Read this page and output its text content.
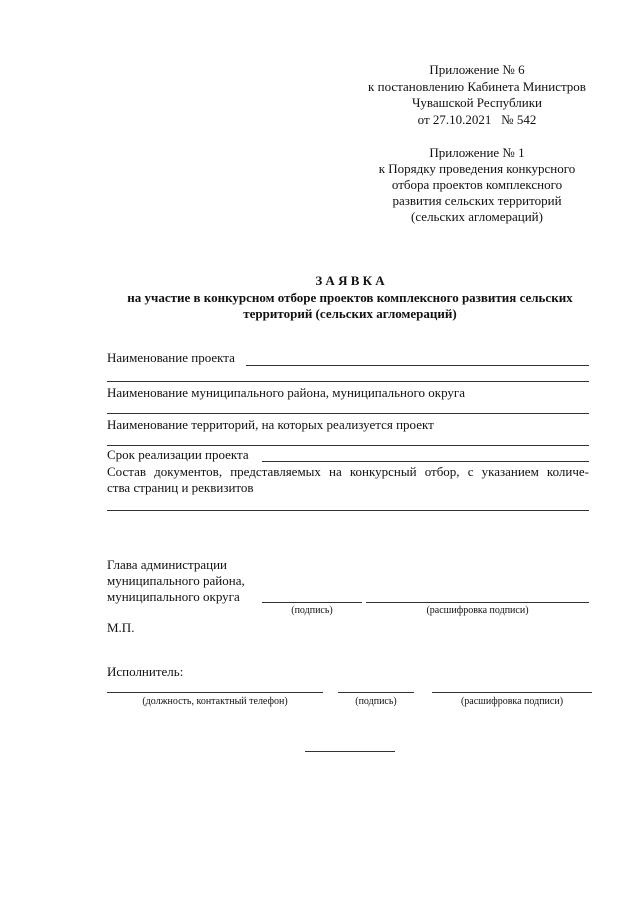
Приложение № 6
к постановлению Кабинета Министров
Чувашской Республики
от 27.10.2021   № 542
Приложение № 1
к Порядку проведения конкурсного
отбора проектов комплексного
развития сельских территорий
(сельских агломераций)
З А Я В К А
на участие в конкурсном отборе проектов комплексного развития сельских
территорий (сельских агломераций)
Наименование проекта
Наименование муниципального района, муниципального округа
Наименование территорий, на которых реализуется проект
Срок реализации проекта
Состав документов, представляемых на конкурсный отбор, с указанием количе-
ства страниц и реквизитов
Глава администрации
муниципального района,
муниципального округа
(подпись)	(расшифровка подписи)
М.П.
Исполнитель:
(должность, контактный телефон)	(подпись)	(расшифровка подписи)
